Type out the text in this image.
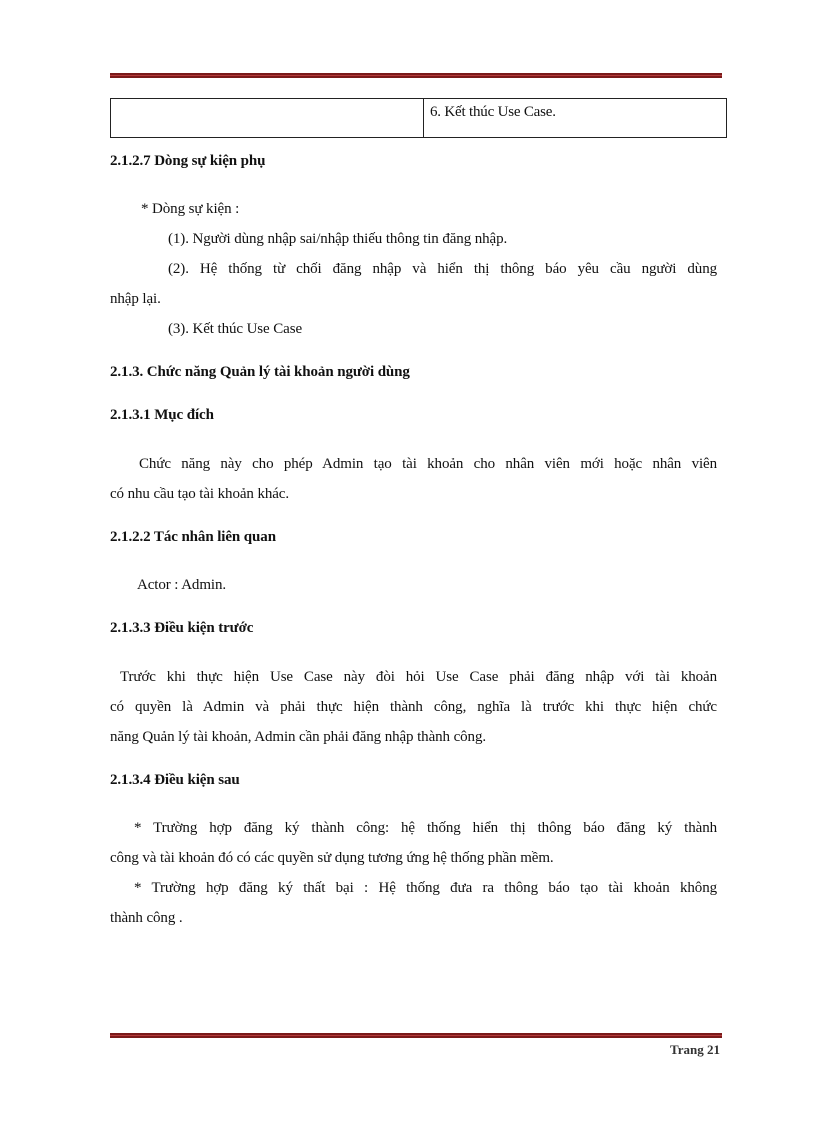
6. Kết thúc Use Case.
2.1.2.7 Dòng sự kiện phụ
* Dòng sự kiện :
(1). Người dùng nhập sai/nhập thiếu thông tin đăng nhập.
(2). Hệ thống từ chối đăng nhập và hiển thị thông báo yêu cầu người dùng
nhập lại.
(3). Kết thúc Use Case
2.1.3. Chức năng Quản lý tài khoản người dùng
2.1.3.1 Mục đích
Chức năng này cho phép Admin tạo tài khoản cho nhân viên mới hoặc nhân viên
có nhu cầu tạo tài khoản khác.
2.1.2.2 Tác nhân liên quan
Actor : Admin.
2.1.3.3 Điều kiện trước
Trước khi thực hiện Use Case này đòi hỏi Use Case phải đăng nhập với tài khoản
có quyền là Admin và phải thực hiện thành công, nghĩa là trước khi thực hiện chức
năng Quản lý tài khoản, Admin cần phải đăng nhập thành công.
2.1.3.4 Điều kiện sau
* Trường hợp đăng ký thành công: hệ thống hiển thị thông báo đăng ký thành
công và tài khoản đó có các quyền sử dụng tương ứng hệ thống phần mềm.
* Trường hợp đăng ký thất bại : Hệ thống đưa ra thông báo tạo tài khoản không
thành công .
Trang 21
